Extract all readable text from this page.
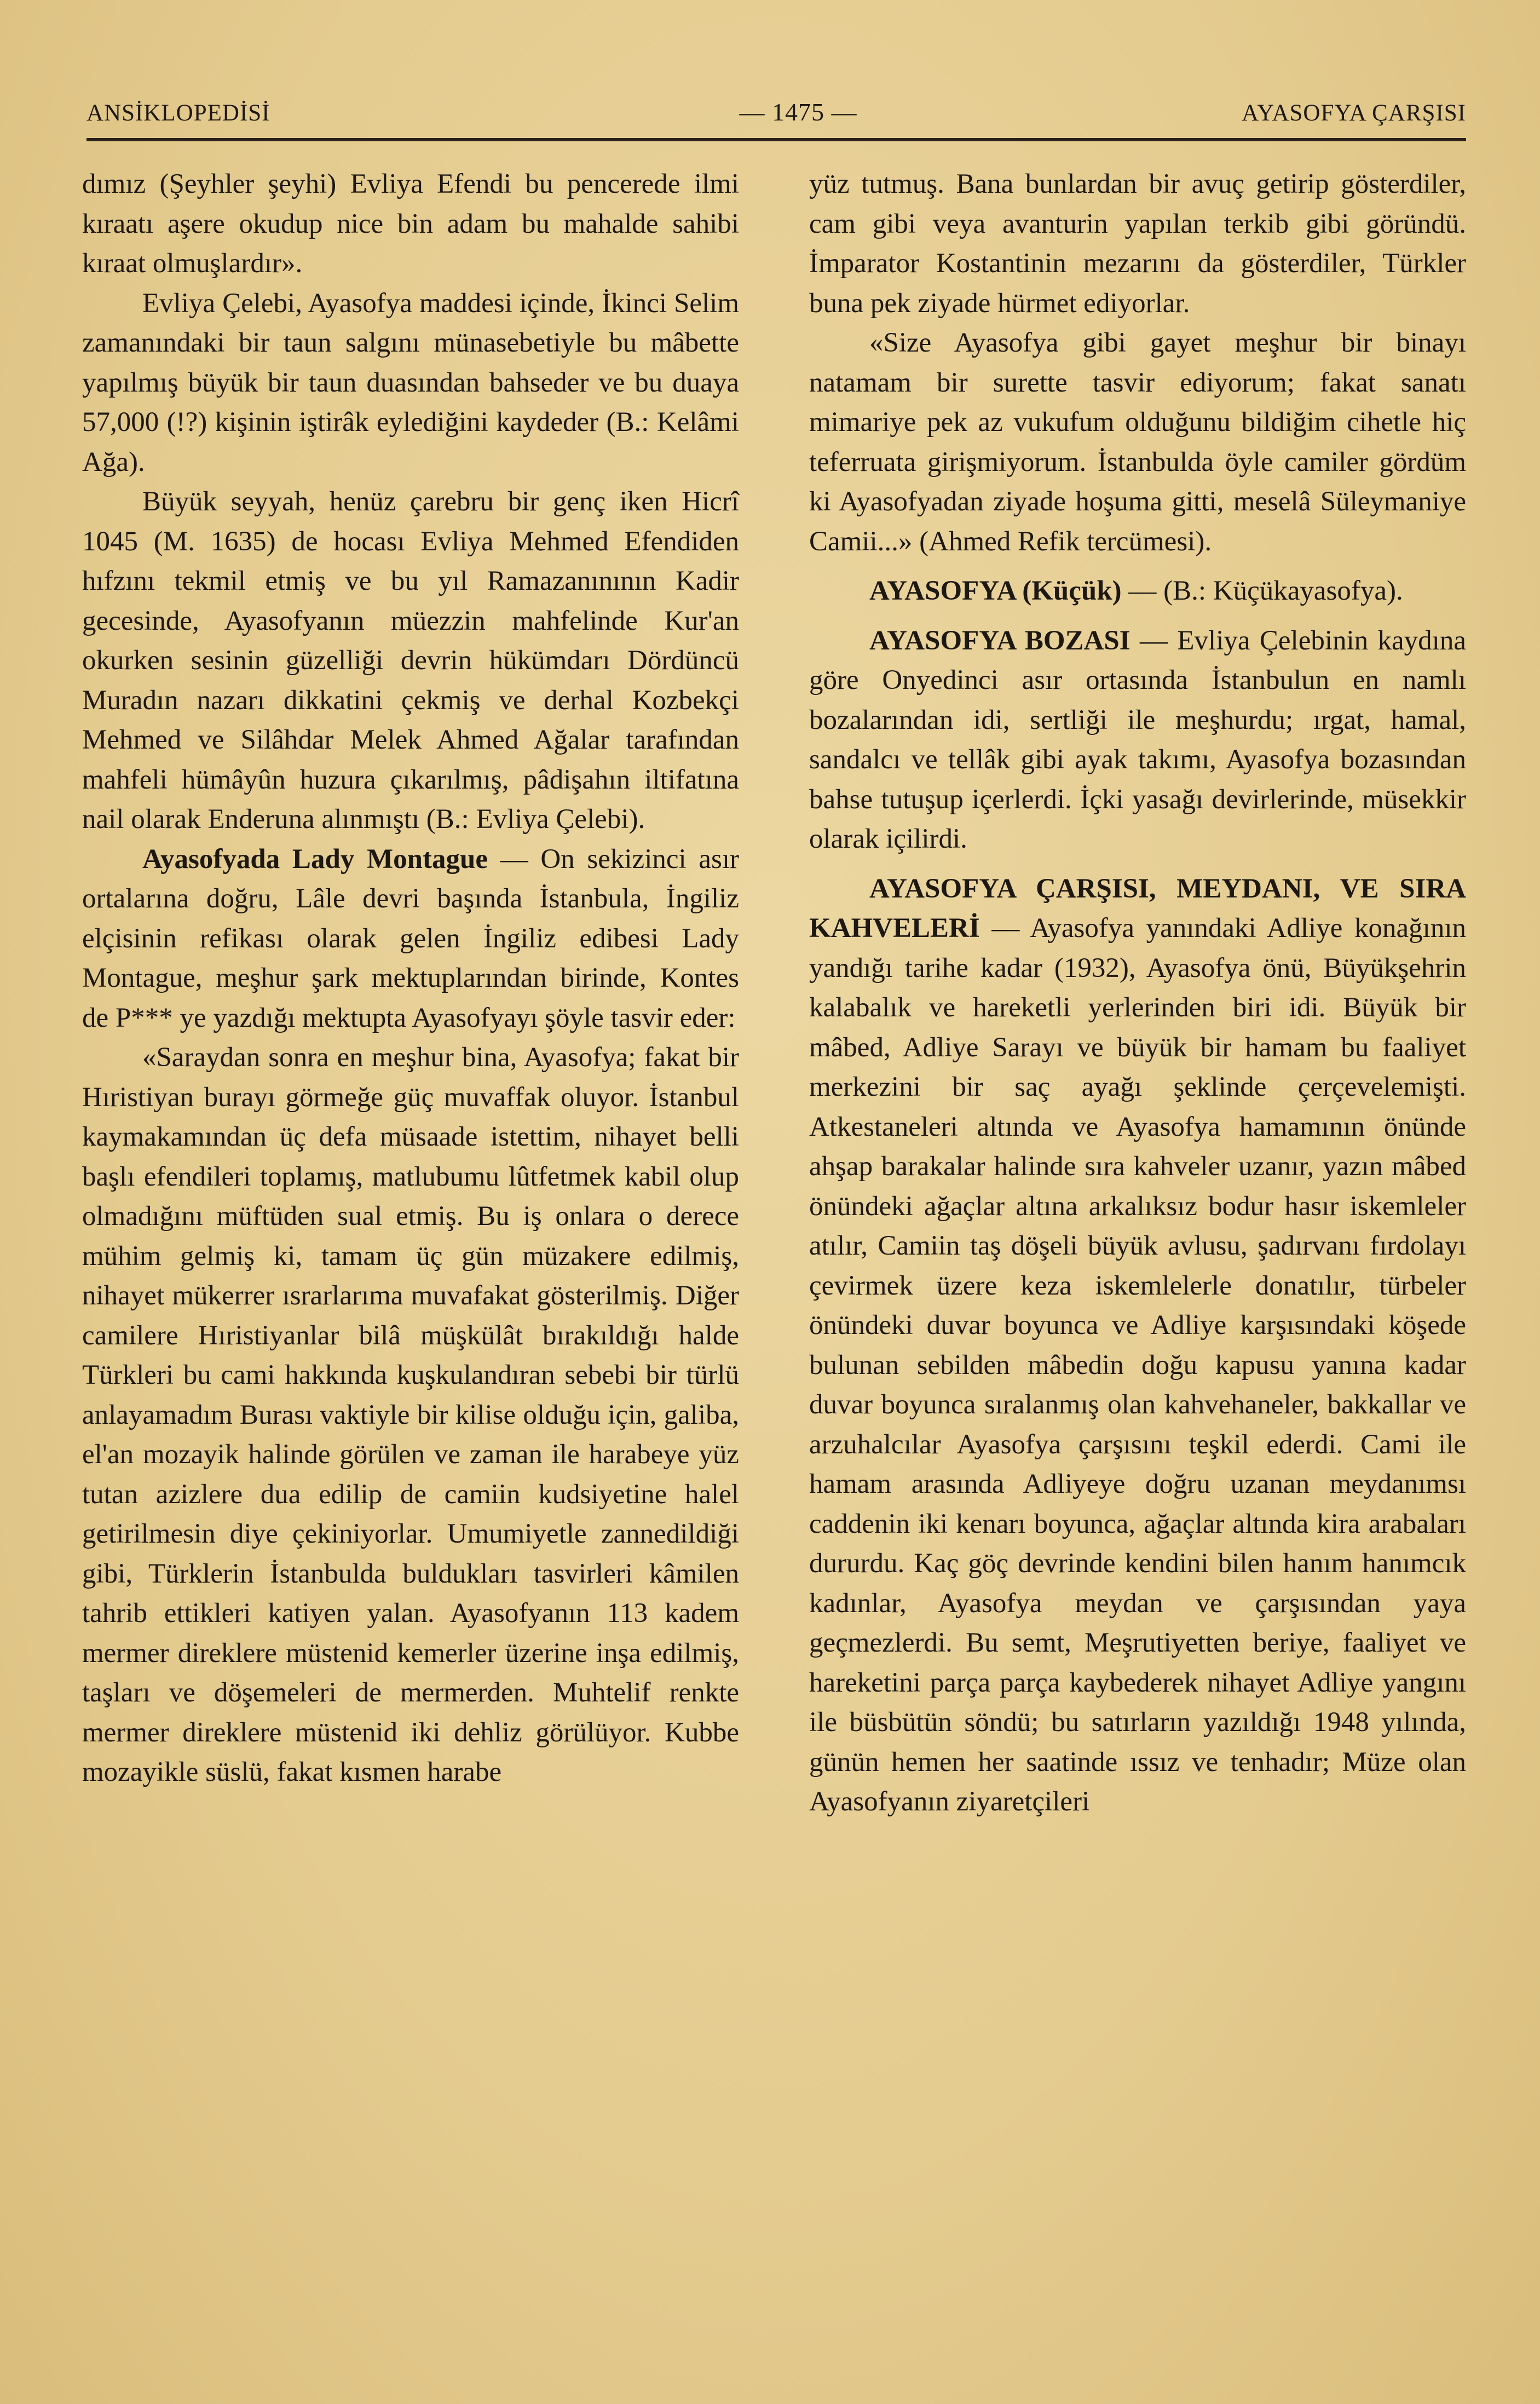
ANSİKLOPEDİSİ	— 1475 —	AYASOFYA ÇARŞISI

dımız (Şeyhler şeyhi) Evliya Efendi bu pencerede ilmi kıraatı aşere okudup nice bin adam bu mahalde sahibi kıraat olmuşlardır».

Evliya Çelebi, Ayasofya maddesi içinde, İkinci Selim zamanındaki bir taun salgını münasebetiyle bu mâbette yapılmış büyük bir taun duasından bahseder ve bu duaya 57,000 (!?) kişinin iştirâk eylediğini kaydeder (B.: Kelâmi Ağa).

Büyük seyyah, henüz çarebru bir genç iken Hicrî 1045 (M. 1635) de hocası Evliya Mehmed Efendiden hıfzını tekmil etmiş ve bu yıl Ramazanınının Kadir gecesinde, Ayasofyanın müezzin mahfelinde Kur'an okurken sesinin güzelliği devrin hükümdarı Dördüncü Muradın nazarı dikkatini çekmiş ve derhal Kozbekçi Mehmed ve Silâhdar Melek Ahmed Ağalar tarafından mahfeli hümâyûn huzura çıkarılmış, pâdişahın iltifatına nail olarak Enderuna alınmıştı (B.: Evliya Çelebi).

Ayasofyada Lady Montague — On sekizinci asır ortalarına doğru, Lâle devri başında İstanbula, İngiliz elçisinin refikası olarak gelen İngiliz edibesi Lady Montague, meşhur şark mektuplarından birinde, Kontes de P*** ye yazdığı mektupta Ayasofyayı şöyle tasvir eder:

«Saraydan sonra en meşhur bina, Ayasofya; fakat bir Hıristiyan burayı görmeğe güç muvaffak oluyor. İstanbul kaymakamından üç defa müsaade istettim, nihayet belli başlı efendileri toplamış, matlubumu lûtfetmek kabil olup olmadığını müftüden sual etmiş. Bu iş onlara o derece mühim gelmiş ki, tamam üç gün müzakere edilmiş, nihayet mükerrer ısrarlarıma muvafakat gösterilmiş. Diğer camilere Hıristiyanlar bilâ müşkülât bırakıldığı halde Türkleri bu cami hakkında kuşkulandıran sebebi bir türlü anlayamadım Burası vaktiyle bir kilise olduğu için, galiba, el'an mozayik halinde görülen ve zaman ile harabeye yüz tutan azizlere dua edilip de camiin kudsiyetine halel getirilmesin diye çekiniyorlar. Umumiyetle zannedildiği gibi, Türklerin İstanbulda buldukları tasvirleri kâmilen tahrib ettikleri katiyen yalan. Ayasofyanın 113 kadem mermer direklere müstenid kemerler üzerine inşa edilmiş, taşları ve döşemeleri de mermerden. Muhtelif renkte mermer direklere müstenid iki dehliz görülüyor. Kubbe mozayikle süslü, fakat kısmen harabe

yüz tutmuş. Bana bunlardan bir avuç getirip gösterdiler, cam gibi veya avanturin yapılan terkib gibi göründü. İmparator Kostantinin mezarını da gösterdiler, Türkler buna pek ziyade hürmet ediyorlar.

«Size Ayasofya gibi gayet meşhur bir binayı natamam bir surette tasvir ediyorum; fakat sanatı mimariye pek az vukufum olduğunu bildiğim cihetle hiç teferruata girişmiyorum. İstanbulda öyle camiler gördüm ki Ayasofyadan ziyade hoşuma gitti, meselâ Süleymaniye Camii...» (Ahmed Refik tercümesi).

AYASOFYA (Küçük) — (B.: Küçükayasofya).

AYASOFYA BOZASI — Evliya Çelebinin kaydına göre Onyedinci asır ortasında İstanbulun en namlı bozalarından idi, sertliği ile meşhurdu; ırgat, hamal, sandalcı ve tellâk gibi ayak takımı, Ayasofya bozasından bahse tutuşup içerlerdi. İçki yasağı devirlerinde, müsekkir olarak içilirdi.

AYASOFYA ÇARŞISI, MEYDANI, VE SIRA KAHVELERİ — Ayasofya yanındaki Adliye konağının yandığı tarihe kadar (1932), Ayasofya önü, Büyükşehrin kalabalık ve hareketli yerlerinden biri idi. Büyük bir mâbed, Adliye Sarayı ve büyük bir hamam bu faaliyet merkezini bir saç ayağı şeklinde çerçevelemişti. Atkestaneleri altında ve Ayasofya hamamının önünde ahşap barakalar halinde sıra kahveler uzanır, yazın mâbed önündeki ağaçlar altına arkalıksız bodur hasır iskemleler atılır, Camiin taş döşeli büyük avlusu, şadırvanı fırdolayı çevirmek üzere keza iskemlelerle donatılır, türbeler önündeki duvar boyunca ve Adliye karşısındaki köşede bulunan sebilden mâbedin doğu kapusu yanına kadar duvar boyunca sıralanmış olan kahvehaneler, bakkallar ve arzuhalcılar Ayasofya çarşısını teşkil ederdi. Cami ile hamam arasında Adliyeye doğru uzanan meydanımsı caddenin iki kenarı boyunca, ağaçlar altında kira arabaları dururdu. Kaç göç devrinde kendini bilen hanım hanımcık kadınlar, Ayasofya meydan ve çarşısından yaya geçmezlerdi. Bu semt, Meşrutiyetten beriye, faaliyet ve hareketini parça parça kaybederek nihayet Adliye yangını ile büsbütün söndü; bu satırların yazıldığı 1948 yılında, günün hemen her saatinde ıssız ve tenhadır; Müze olan Ayasofyanın ziyaretçileri
